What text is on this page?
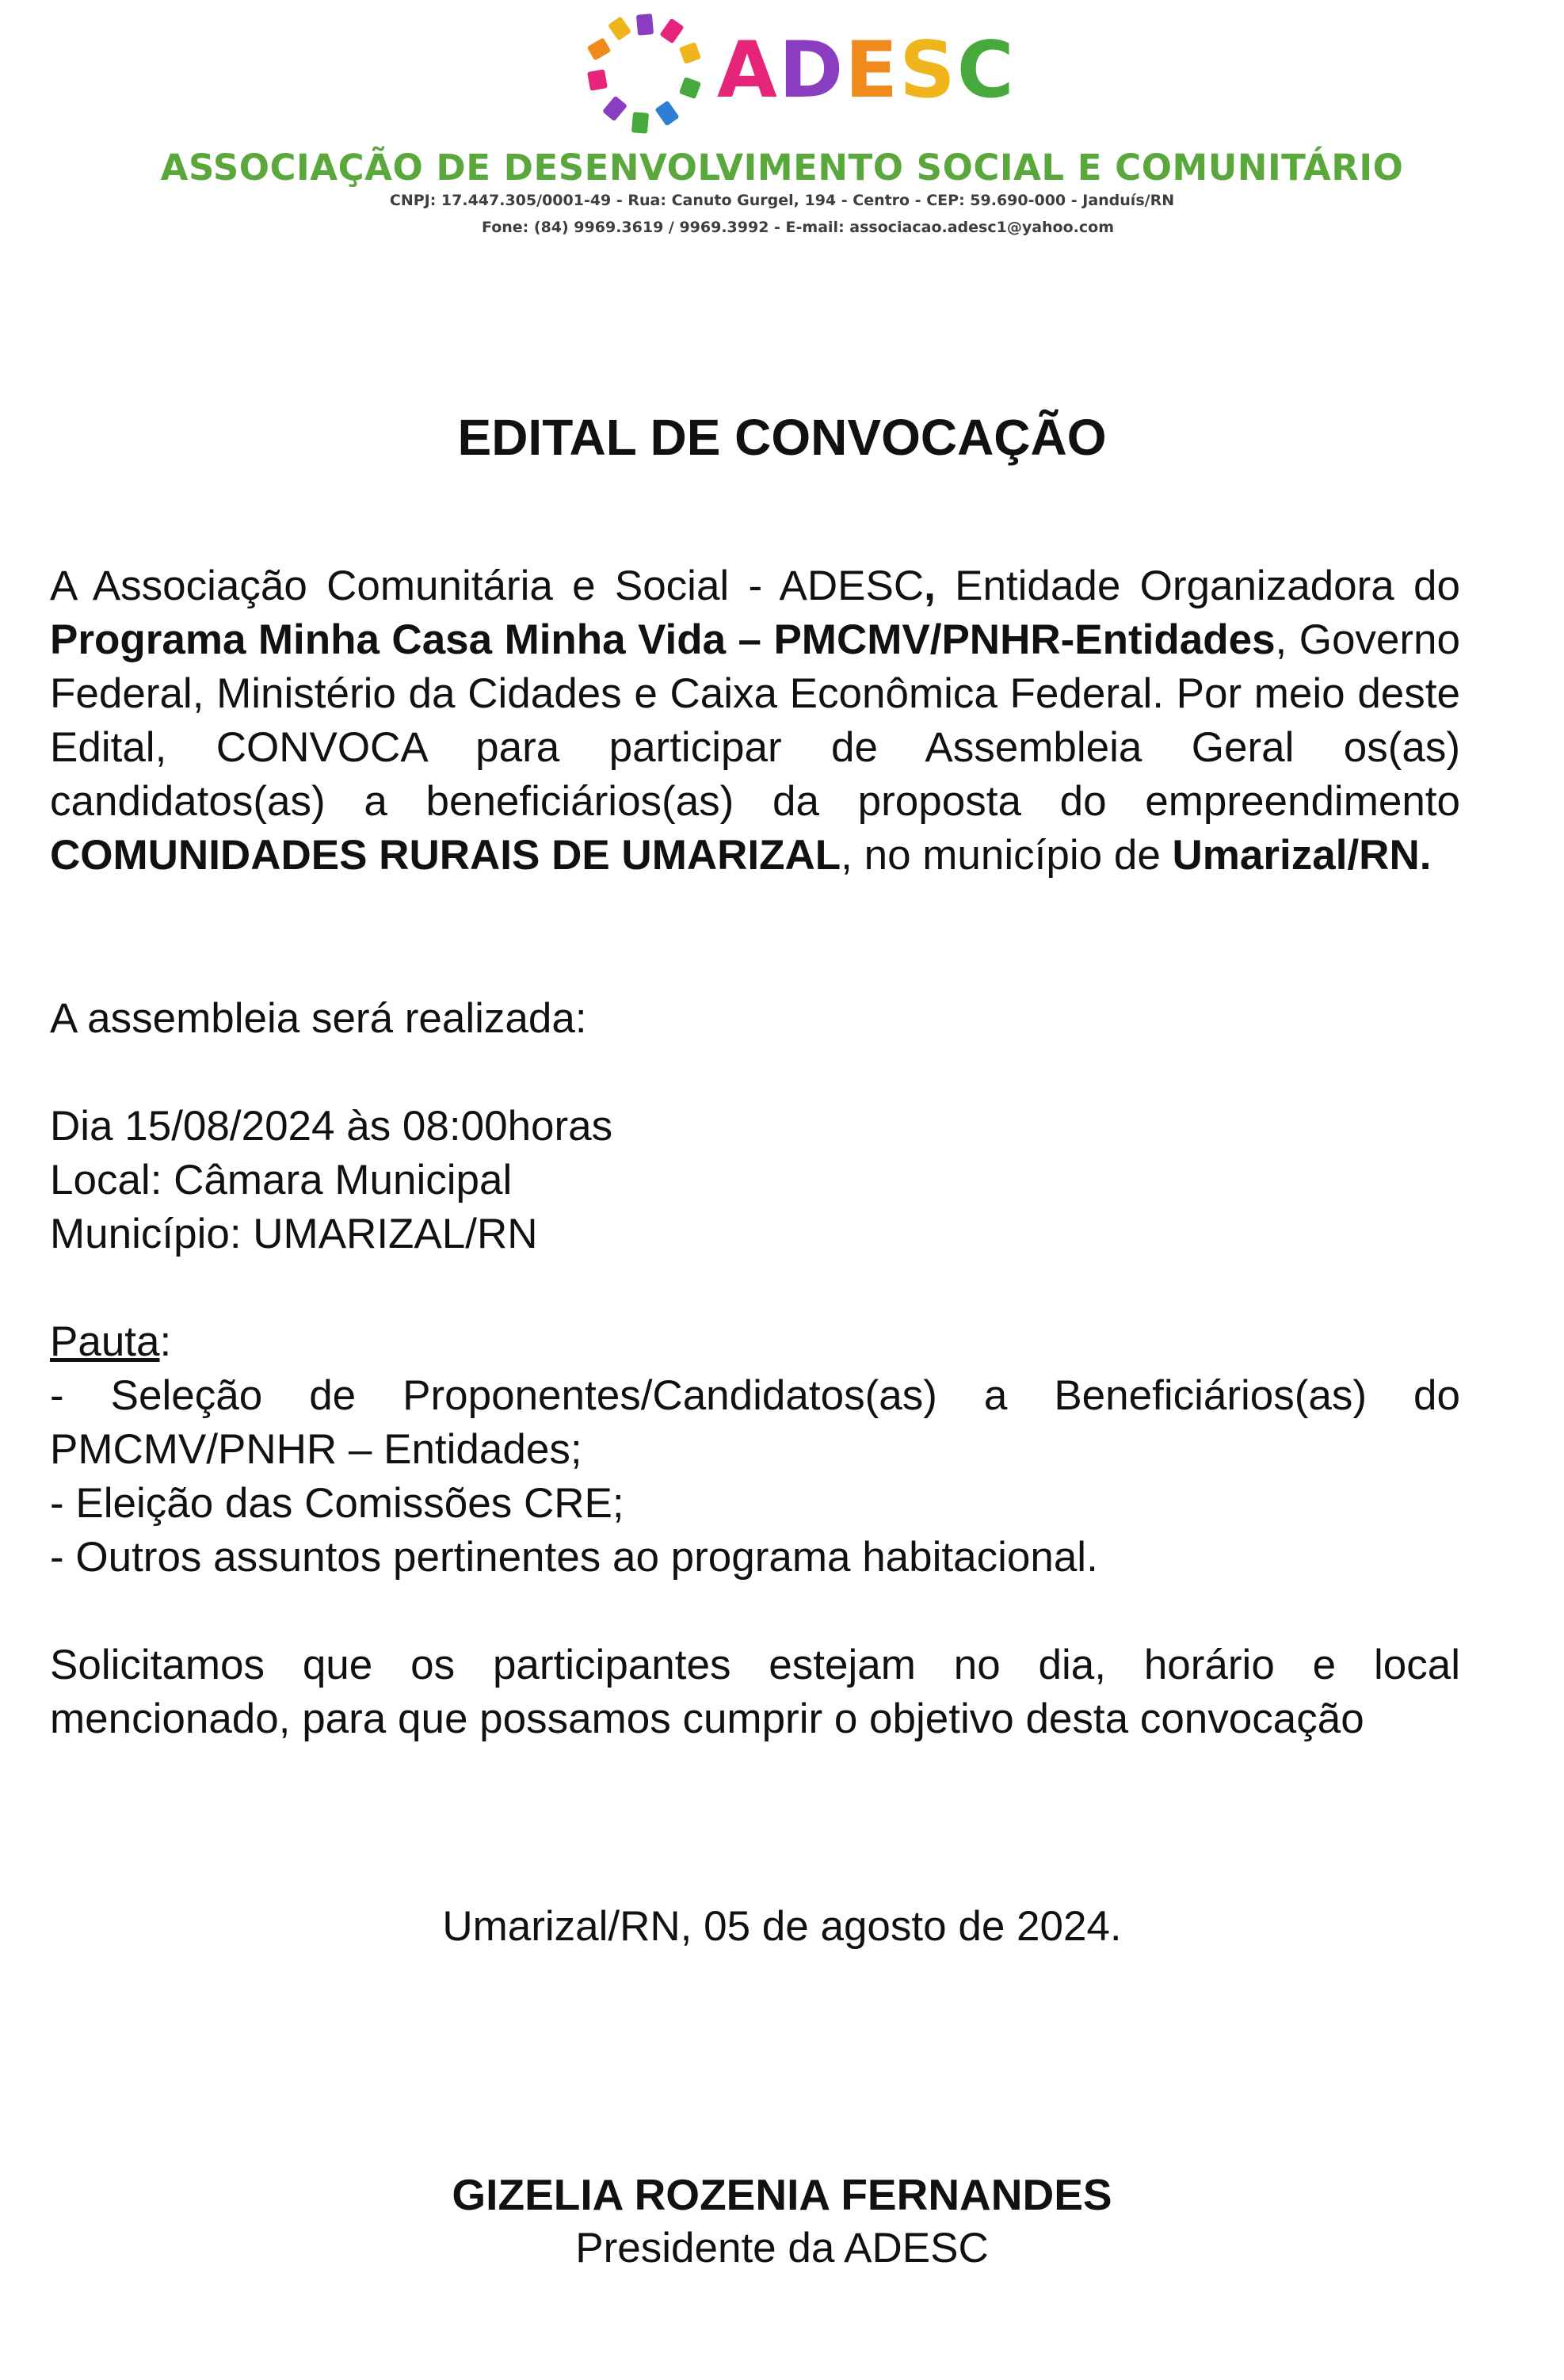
ADESC
ASSOCIAÇÃO DE DESENVOLVIMENTO SOCIAL E COMUNITÁRIO
CNPJ: 17.447.305/0001-49 - Rua: Canuto Gurgel, 194 - Centro - CEP: 59.690-000 - Janduís/RN
Fone: (84) 9969.3619 / 9969.3992 - E-mail: associacao.adesc1@yahoo.com
EDITAL DE CONVOCAÇÃO

A Associação Comunitária e Social - ADESC, Entidade Organizadora do Programa Minha Casa Minha Vida – PMCMV/PNHR-Entidades, Governo Federal, Ministério da Cidades e Caixa Econômica Federal. Por meio deste Edital, CONVOCA para participar de Assembleia Geral os(as) candidatos(as) a beneficiários(as) da proposta do empreendimento COMUNIDADES RURAIS DE UMARIZAL, no município de Umarizal/RN.

A assembleia será realizada:

Dia 15/08/2024 às 08:00horas
Local: Câmara Municipal
Município: UMARIZAL/RN
Pauta:

- Seleção de Proponentes/Candidatos(as) a Beneficiários(as) do PMCMV/PNHR – Entidades;

- Eleição das Comissões CRE;

- Outros assuntos pertinentes ao programa habitacional.

Solicitamos que os participantes estejam no dia, horário e local mencionado, para que possamos cumprir o objetivo desta convocação

Umarizal/RN, 05 de agosto de 2024.
GIZELIA ROZENIA FERNANDES
Presidente da ADESC
